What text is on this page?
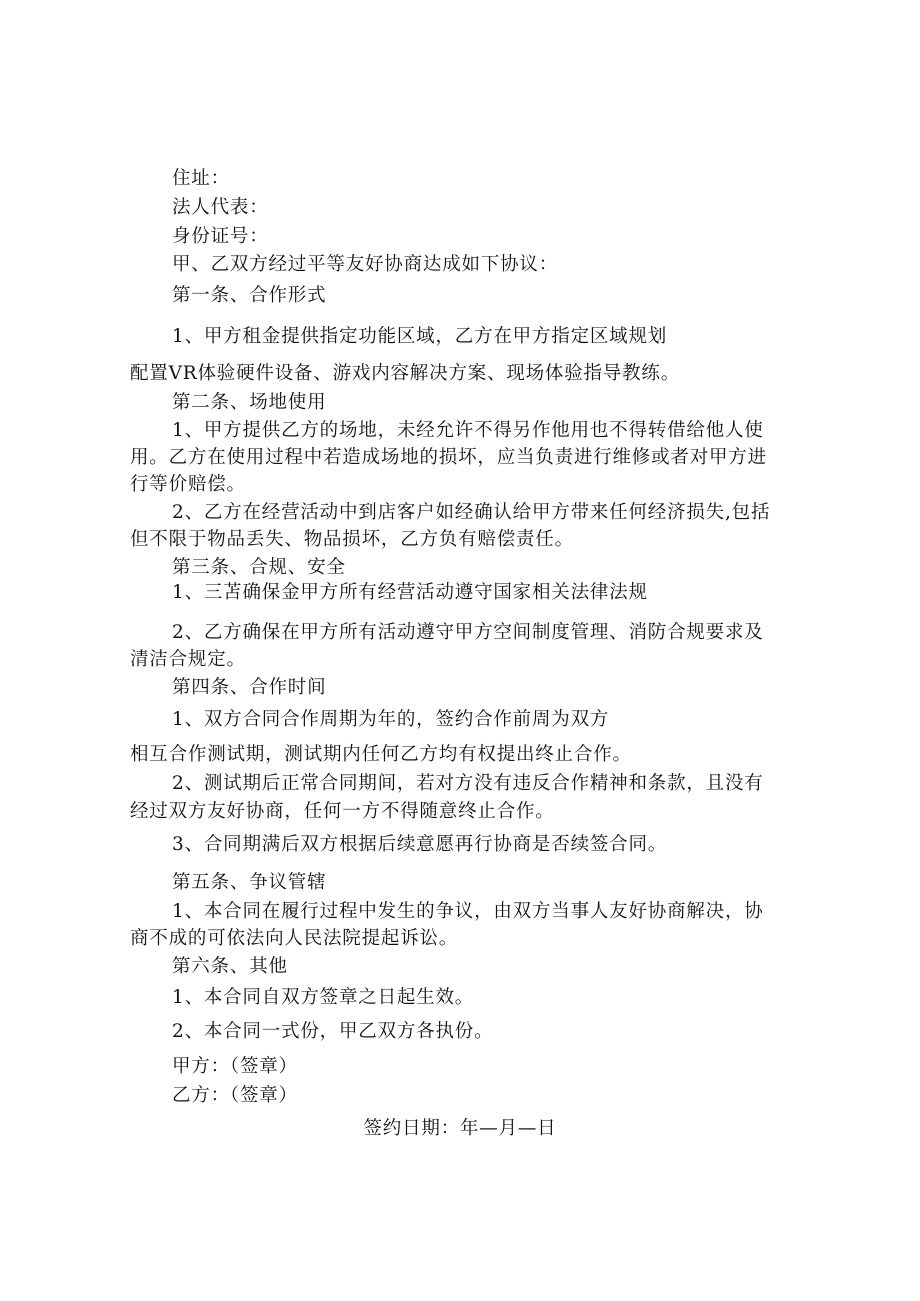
住址：
法人代表：
身份证号：
甲、乙双方经过平等友好协商达成如下协议：
第一条、合作形式
1、甲方租金提供指定功能区域，乙方在甲方指定区域规划
配置VR体验硬件设备、游戏内容解决方案、现场体验指导教练。
第二条、场地使用
1、甲方提供乙方的场地，未经允许不得另作他用也不得转借给他人使
用。乙方在使用过程中若造成场地的损坏，应当负责进行维修或者对甲方进
行等价赔偿。
2、乙方在经营活动中到店客户如经确认给甲方带来任何经济损失,包括
但不限于物品丢失、物品损坏，乙方负有赔偿责任。
第三条、合规、安全
1、三苫确保金甲方所有经营活动遵守国家相关法律法规
2、乙方确保在甲方所有活动遵守甲方空间制度管理、消防合规要求及
清洁合规定。
第四条、合作时间
1、双方合同合作周期为年的，签约合作前周为双方
相互合作测试期，测试期内任何乙方均有权提出终止合作。
2、测试期后正常合同期间，若对方没有违反合作精神和条款，且没有
经过双方友好协商，任何一方不得随意终止合作。
3、合同期满后双方根据后续意愿再行协商是否续签合同。
第五条、争议管辖
1、本合同在履行过程中发生的争议，由双方当事人友好协商解决，协
商不成的可依法向人民法院提起诉讼。
第六条、其他
1、本合同自双方签章之日起生效。
2、本合同一式份，甲乙双方各执份。
甲方：（签章）
乙方：（签章）
签约日期：年—月—日
